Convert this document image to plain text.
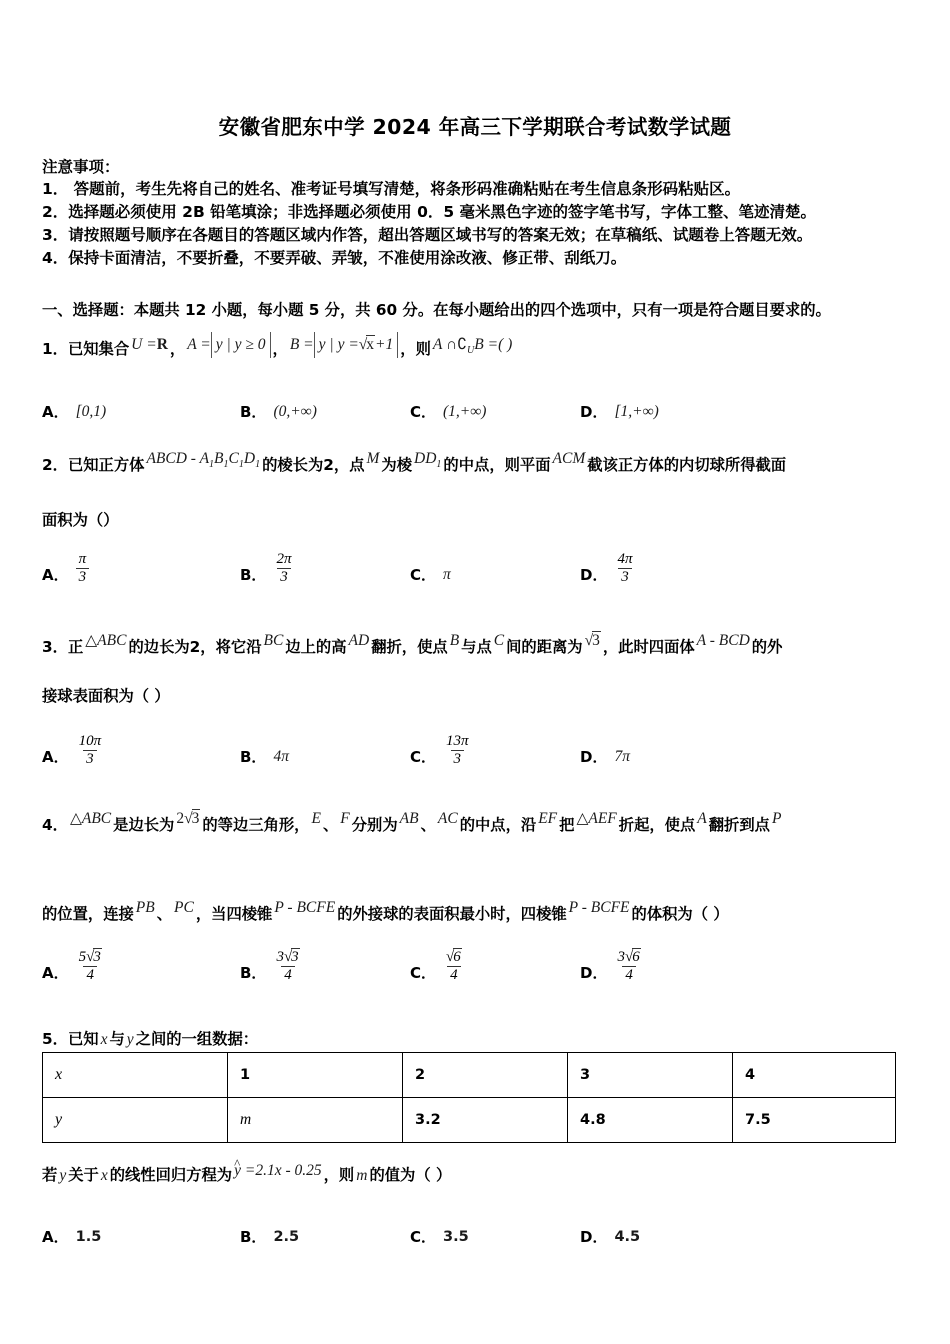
安徽省肥东中学 2024 年高三下学期联合考试数学试题
注意事项：
1． 答题前，考生先将自己的姓名、准考证号填写清楚，将条形码准确粘贴在考生信息条形码粘贴区。
2．选择题必须使用 2B 铅笔填涂；非选择题必须使用 0．5 毫米黑色字迹的签字笔书写，字体工整、笔迹清楚。
3．请按照题号顺序在各题目的答题区域内作答，超出答题区域书写的答案无效；在草稿纸、试题卷上答题无效。
4．保持卡面清洁，不要折叠，不要弄破、弄皱，不准使用涂改液、修正带、刮纸刀。
一、选择题：本题共 12 小题，每小题 5 分，共 60 分。在每小题给出的四个选项中，只有一项是符合题目要求的。
1．已知集合 U =R ， A = y | y ≥ 0 ， B = y | y =√x+1 ，则 A $\cap∁_UB$ =( )
A． [0,1)	B． (0,+∞)	C． (1,+∞)	D． [1,+∞)
2．已知正方体 ABCD - $A_1B_1C_1D_1$ 的棱长为2，点 M 为棱 $DD_1$ 的中点，则平面 ACM 截该正方体的内切球所得截面
面积为（）
A． $\frac{\pi}{3}$	B． $\frac{2\pi}{3}$	C． π	D． $\frac{4\pi}{3}$
3．正 △ABC 的边长为2，将它沿 BC 边上的高 AD 翻折，使点 B 与点 C 间的距离为 √3 ，此时四面体 A - BCD 的外
接球表面积为（ ）
A． $\frac{10\pi}{3}$	B． 4π	C． $\frac{13\pi}{3}$	D． 7π
4． △ABC 是边长为 2√3 的等边三角形， E 、 F 分别为 AB 、 AC 的中点，沿 EF 把 △AEF 折起，使点 A 翻折到点 P
的位置，连接 PB 、 PC ，当四棱锥 P - BCFE 的外接球的表面积最小时，四棱锥 P - BCFE 的体积为（ ）
A． $\frac{5√3}{4}$	B． $\frac{3√3}{4}$	C． $\frac{√6}{4}$	D． $\frac{3√6}{4}$
5．已知 x 与 y 之间的一组数据：
x	1	2	3	4
y	m	3.2	4.8	7.5
若 y 关于 x 的线性回归方程为 ^ y =2.1x - 0.25 ，则 m 的值为（ ）
A． 1.5	B． 2.5	C． 3.5	D． 4.5
